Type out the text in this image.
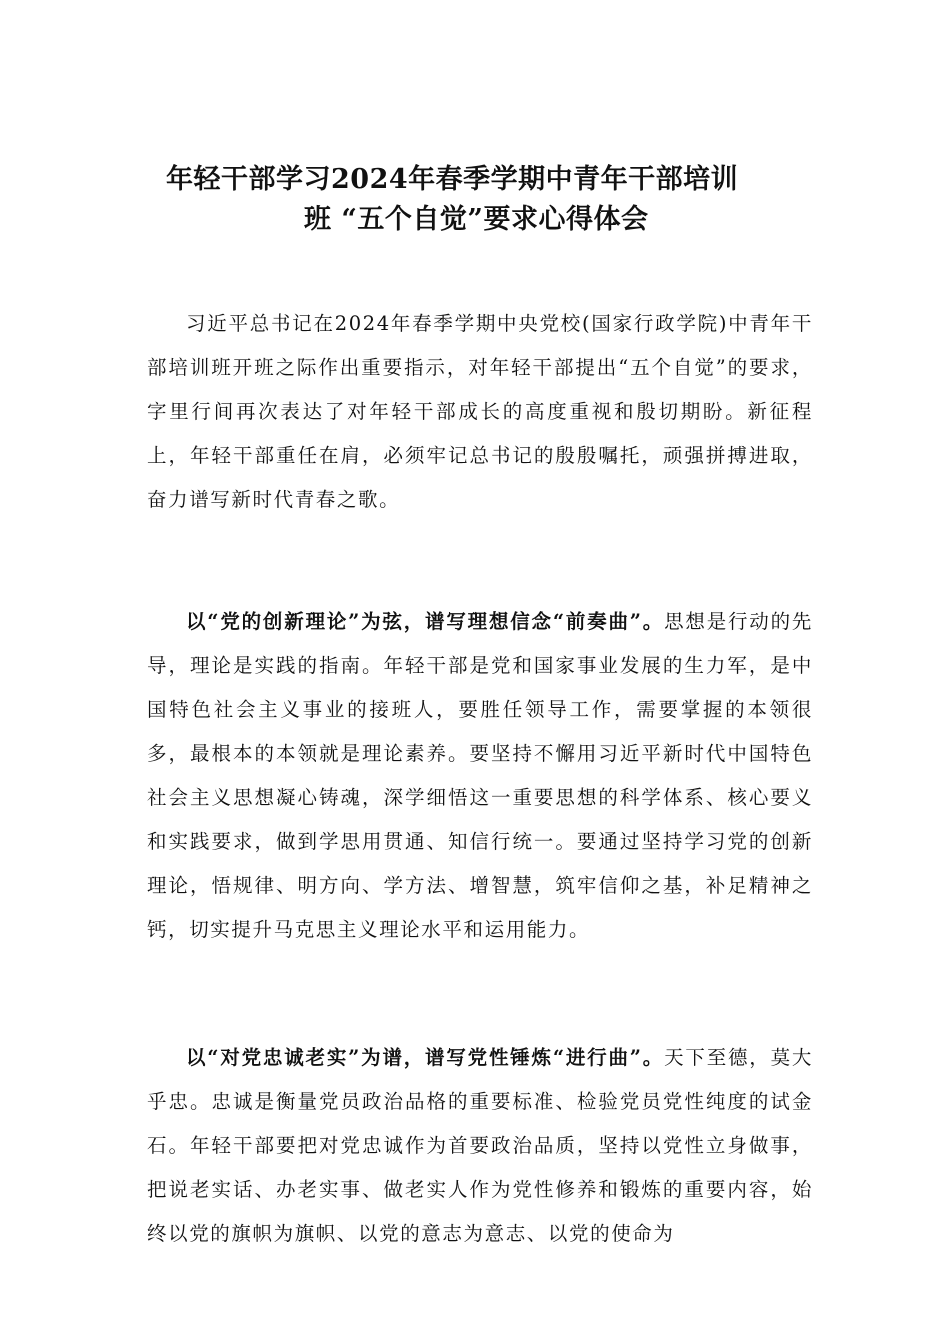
年轻干部学习2024年春季学期中青年干部培训
班 “五个自觉”要求心得体会

习近平总书记在2024年春季学期中央党校(国家行政学院)中青年干部培训班开班之际作出重要指示，对年轻干部提出“五个自觉”的要求，字里行间再次表达了对年轻干部成长的高度重视和殷切期盼。新征程上，年轻干部重任在肩，必须牢记总书记的殷殷嘱托，顽强拼搏进取，奋力谱写新时代青春之歌。

以“党的创新理论”为弦，谱写理想信念“前奏曲”。思想是行动的先导，理论是实践的指南。年轻干部是党和国家事业发展的生力军，是中国特色社会主义事业的接班人，要胜任领导工作，需要掌握的本领很多，最根本的本领就是理论素养。要坚持不懈用习近平新时代中国特色社会主义思想凝心铸魂，深学细悟这一重要思想的科学体系、核心要义和实践要求，做到学思用贯通、知信行统一。要通过坚持学习党的创新理论，悟规律、明方向、学方法、增智慧，筑牢信仰之基，补足精神之钙，切实提升马克思主义理论水平和运用能力。

以“对党忠诚老实”为谱，谱写党性锤炼“进行曲”。天下至德，莫大乎忠。忠诚是衡量党员政治品格的重要标准、检验党员党性纯度的试金石。年轻干部要把对党忠诚作为首要政治品质，坚持以党性立身做事，把说老实话、办老实事、做老实人作为党性修养和锻炼的重要内容，始终以党的旗帜为旗帜、以党的意志为意志、以党的使命为
